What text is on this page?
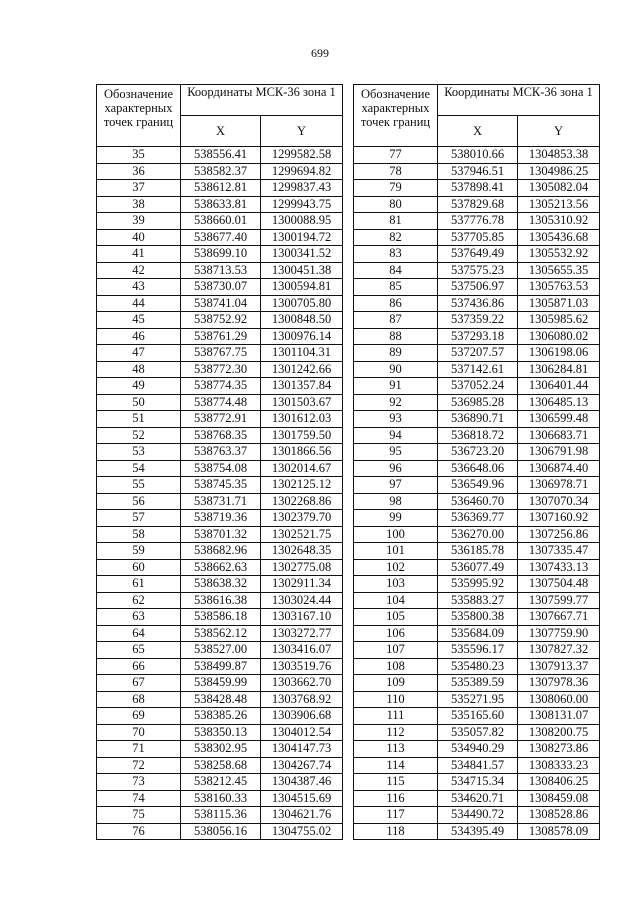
699
Обозначение характерных точек границ	Координаты МСК-36 зона 1	
	X	Y
35	538556.41	1299582.58
36	538582.37	1299694.82
37	538612.81	1299837.43
38	538633.81	1299943.75
39	538660.01	1300088.95
40	538677.40	1300194.72
41	538699.10	1300341.52
42	538713.53	1300451.38
43	538730.07	1300594.81
44	538741.04	1300705.80
45	538752.92	1300848.50
46	538761.29	1300976.14
47	538767.75	1301104.31
48	538772.30	1301242.66
49	538774.35	1301357.84
50	538774.48	1301503.67
51	538772.91	1301612.03
52	538768.35	1301759.50
53	538763.37	1301866.56
54	538754.08	1302014.67
55	538745.35	1302125.12
56	538731.71	1302268.86
57	538719.36	1302379.70
58	538701.32	1302521.75
59	538682.96	1302648.35
60	538662.63	1302775.08
61	538638.32	1302911.34
62	538616.38	1303024.44
63	538586.18	1303167.10
64	538562.12	1303272.77
65	538527.00	1303416.07
66	538499.87	1303519.76
67	538459.99	1303662.70
68	538428.48	1303768.92
69	538385.26	1303906.68
70	538350.13	1304012.54
71	538302.95	1304147.73
72	538258.68	1304267.74
73	538212.45	1304387.46
74	538160.33	1304515.69
75	538115.36	1304621.76
76	538056.16	1304755.02
Обозначение характерных точек границ	Координаты МСК-36 зона 1	
	X	Y
77	538010.66	1304853.38
78	537946.51	1304986.25
79	537898.41	1305082.04
80	537829.68	1305213.56
81	537776.78	1305310.92
82	537705.85	1305436.68
83	537649.49	1305532.92
84	537575.23	1305655.35
85	537506.97	1305763.53
86	537436.86	1305871.03
87	537359.22	1305985.62
88	537293.18	1306080.02
89	537207.57	1306198.06
90	537142.61	1306284.81
91	537052.24	1306401.44
92	536985.28	1306485.13
93	536890.71	1306599.48
94	536818.72	1306683.71
95	536723.20	1306791.98
96	536648.06	1306874.40
97	536549.96	1306978.71
98	536460.70	1307070.34
99	536369.77	1307160.92
100	536270.00	1307256.86
101	536185.78	1307335.47
102	536077.49	1307433.13
103	535995.92	1307504.48
104	535883.27	1307599.77
105	535800.38	1307667.71
106	535684.09	1307759.90
107	535596.17	1307827.32
108	535480.23	1307913.37
109	535389.59	1307978.36
110	535271.95	1308060.00
111	535165.60	1308131.07
112	535057.82	1308200.75
113	534940.29	1308273.86
114	534841.57	1308333.23
115	534715.34	1308406.25
116	534620.71	1308459.08
117	534490.72	1308528.86
118	534395.49	1308578.09
